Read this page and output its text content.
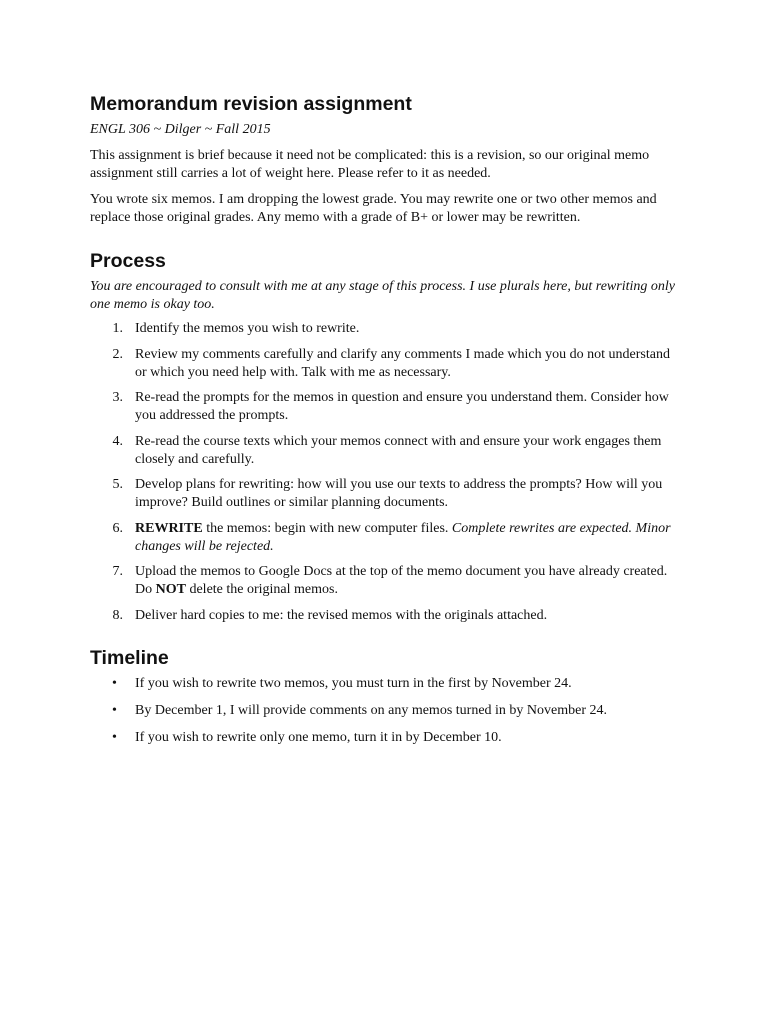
Memorandum revision assignment
ENGL 306 ~ Dilger ~ Fall 2015

This assignment is brief because it need not be complicated: this is a revision, so our original memo assignment still carries a lot of weight here. Please refer to it as needed.

You wrote six memos. I am dropping the lowest grade. You may rewrite one or two other memos and replace those original grades. Any memo with a grade of B+ or lower may be rewritten.

Process

You are encouraged to consult with me at any stage of this process. I use plurals here, but rewriting only one memo is okay too.

1. Identify the memos you wish to rewrite.
2. Review my comments carefully and clarify any comments I made which you do not understand or which you need help with. Talk with me as necessary.
3. Re-read the prompts for the memos in question and ensure you understand them. Consider how you addressed the prompts.
4. Re-read the course texts which your memos connect with and ensure your work engages them closely and carefully.
5. Develop plans for rewriting: how will you use our texts to address the prompts? How will you improve? Build outlines or similar planning documents.
6. REWRITE the memos: begin with new computer files. Complete rewrites are expected. Minor changes will be rejected.
7. Upload the memos to Google Docs at the top of the memo document you have already created. Do NOT delete the original memos.
8. Deliver hard copies to me: the revised memos with the originals attached.
Timeline
•	If you wish to rewrite two memos, you must turn in the first by November 24.
•	By December 1, I will provide comments on any memos turned in by November 24.
•	If you wish to rewrite only one memo, turn it in by December 10.
